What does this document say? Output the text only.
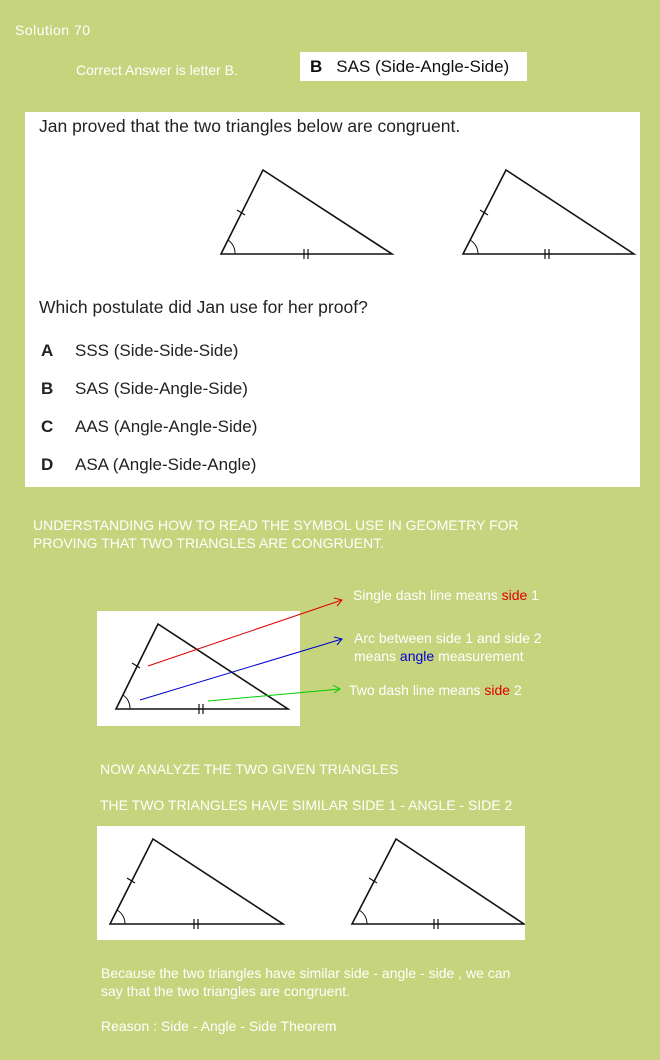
Solution 70
Correct Answer is letter B.	B SAS (Side-Angle-Side)
Jan proved that the two triangles below are congruent.
Which postulate did Jan use for her proof?
A SSS (Side-Side-Side)
B SAS (Side-Angle-Side)
C AAS (Angle-Angle-Side)
D ASA (Angle-Side-Angle)
UNDERSTANDING HOW TO READ THE SYMBOL USE IN GEOMETRY FOR
PROVING THAT TWO TRIANGLES ARE CONGRUENT.
Single dash line means side 1
Arc between side 1 and side 2
means angle measurement
Two dash line means side 2
NOW ANALYZE THE TWO GIVEN TRIANGLES
THE TWO TRIANGLES HAVE SIMILAR SIDE 1 - ANGLE - SIDE 2
Because the two triangles have similar side - angle - side , we can
say that the two triangles are congruent.
Reason : Side - Angle - Side Theorem
